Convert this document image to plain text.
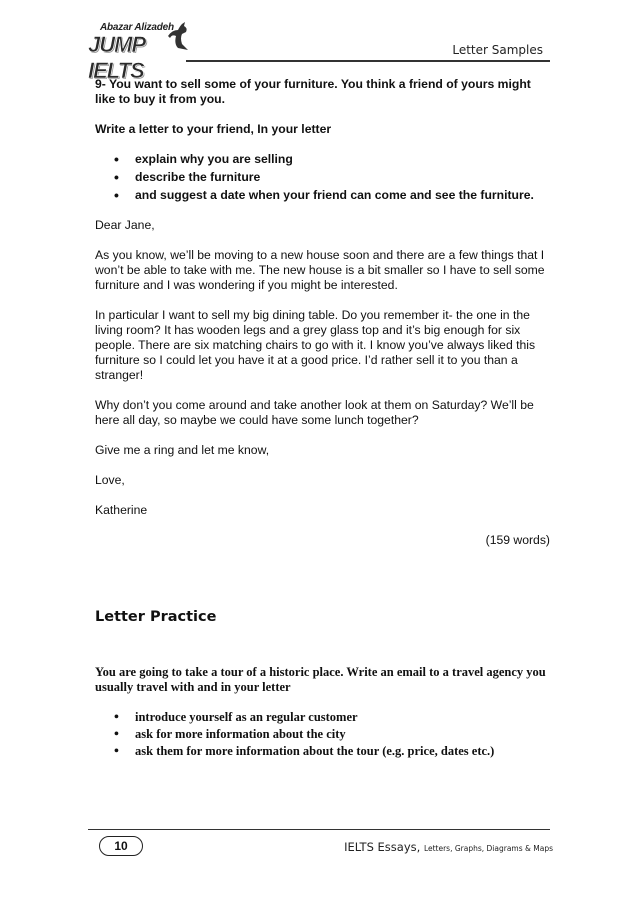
Abazar Alizadeh
JUMP IELTS
Letter Samples

9- You want to sell some of your furniture. You think a friend of yours might like to buy it from you.

Write a letter to your friend, In your letter

• explain why you are selling
• describe the furniture
• and suggest a date when your friend can come and see the furniture.

Dear Jane,

As you know, we’ll be moving to a new house soon and there are a few things that I won’t be able to take with me. The new house is a bit smaller so I have to sell some furniture and I was wondering if you might be interested.

In particular I want to sell my big dining table. Do you remember it- the one in the living room? It has wooden legs and a grey glass top and it’s big enough for six people. There are six matching chairs to go with it. I know you’ve always liked this furniture so I could let you have it at a good price. I’d rather sell it to you than a stranger!

Why don’t you come around and take another look at them on Saturday? We’ll be here all day, so maybe we could have some lunch together?

Give me a ring and let me know,

Love,

Katherine

(159 words)

Letter Practice

You are going to take a tour of a historic place. Write an email to a travel agency you usually travel with and in your letter

• introduce yourself as an regular customer
• ask for more information about the city
• ask them for more information about the tour (e.g. price, dates etc.)
10	IELTS Essays, Letters, Graphs, Diagrams & Maps
